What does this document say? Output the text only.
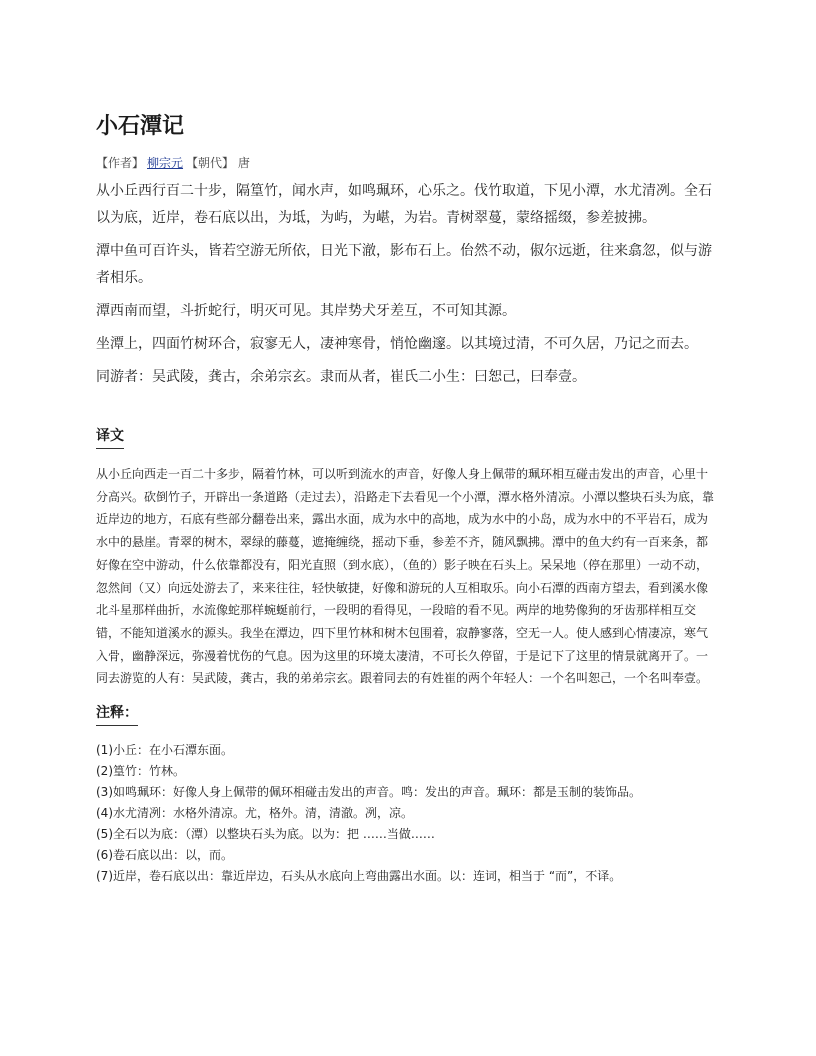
小石潭记
【作者】 柳宗元 【朝代】 唐

从小丘西行百二十步，隔篁竹，闻水声，如鸣珮环，心乐之。伐竹取道，下见小潭，水尤清冽。全石以为底，近岸，卷石底以出，为坻，为屿，为嵁，为岩。青树翠蔓，蒙络摇缀，参差披拂。

潭中鱼可百许头，皆若空游无所依，日光下澈，影布石上。佁然不动，俶尔远逝，往来翕忽，似与游者相乐。

潭西南而望，斗折蛇行，明灭可见。其岸势犬牙差互，不可知其源。

坐潭上，四面竹树环合，寂寥无人，凄神寒骨，悄怆幽邃。以其境过清，不可久居，乃记之而去。

同游者：吴武陵，龚古，余弟宗玄。隶而从者，崔氏二小生：曰恕己，曰奉壹。

译文

从小丘向西走一百二十多步，隔着竹林，可以听到流水的声音，好像人身上佩带的珮环相互碰击发出的声音，心里十分高兴。砍倒竹子，开辟出一条道路（走过去），沿路走下去看见一个小潭，潭水格外清凉。小潭以整块石头为底，靠近岸边的地方，石底有些部分翻卷出来，露出水面，成为水中的高地，成为水中的小岛，成为水中的不平岩石，成为水中的悬崖。青翠的树木，翠绿的藤蔓，遮掩缠绕，摇动下垂，参差不齐，随风飘拂。潭中的鱼大约有一百来条，都好像在空中游动，什么依靠都没有，阳光直照（到水底），（鱼的）影子映在石头上。呆呆地（停在那里）一动不动，忽然间（又）向远处游去了，来来往往，轻快敏捷，好像和游玩的人互相取乐。向小石潭的西南方望去，看到溪水像北斗星那样曲折，水流像蛇那样蜿蜒前行，一段明的看得见，一段暗的看不见。两岸的地势像狗的牙齿那样相互交错，不能知道溪水的源头。我坐在潭边，四下里竹林和树木包围着，寂静寥落，空无一人。使人感到心情凄凉，寒气入骨，幽静深远，弥漫着忧伤的气息。因为这里的环境太凄清，不可长久停留，于是记下了这里的情景就离开了。一同去游览的人有：吴武陵，龚古，我的弟弟宗玄。跟着同去的有姓崔的两个年轻人：一个名叫恕己，一个名叫奉壹。

注释：
(1)小丘：在小石潭东面。
(2)篁竹：竹林。
(3)如鸣珮环：好像人身上佩带的佩环相碰击发出的声音。鸣：发出的声音。珮环：都是玉制的装饰品。
(4)水尤清冽：水格外清凉。尤，格外。清，清澈。冽，凉。
(5)全石以为底：（潭）以整块石头为底。以为：把 ……当做……
(6)卷石底以出：以，而。
(7)近岸，卷石底以出：靠近岸边，石头从水底向上弯曲露出水面。以：连词，相当于 “而”，不译。
